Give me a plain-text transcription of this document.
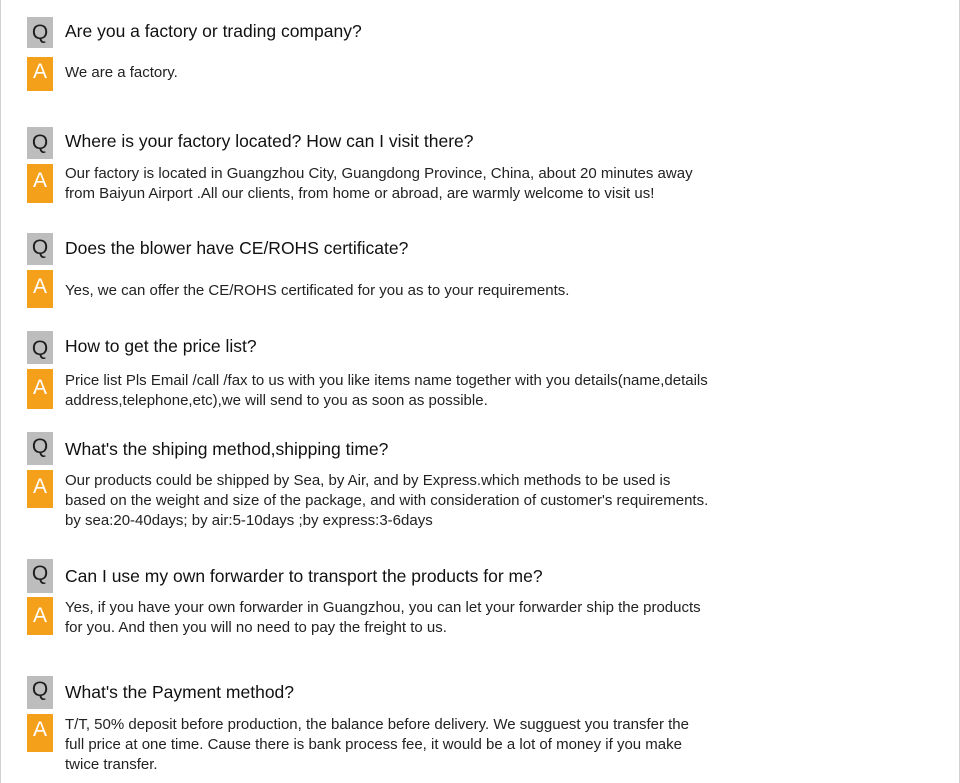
Q Are you a factory or trading company?
A	We are a factory.
Q Where is your factory located? How can I visit there?
A	Our factory is located in Guangzhou City, Guangdong Province, China, about 20 minutes away
from Baiyun Airport .All our clients, from home or abroad, are warmly welcome to visit us!
Q Does the blower have CE/ROHS certificate?
A	Yes, we can offer the CE/ROHS certificated for you as to your requirements.
Q How to get the price list?
A	Price list Pls Email /call /fax to us with you like items name together with you details(name,details
address,telephone,etc),we will send to you as soon as possible.
Q What's the shiping method,shipping time?
A	Our products could be shipped by Sea, by Air, and by Express.which methods to be used is
based on the weight and size of the package, and with consideration of customer's requirements.
by sea:20-40days; by air:5-10days ;by express:3-6days
Q Can I use my own forwarder to transport the products for me?
A	Yes, if you have your own forwarder in Guangzhou, you can let your forwarder ship the products
for you. And then you will no need to pay the freight to us.
Q What's the Payment method?
A	T/T, 50% deposit before production, the balance before delivery. We sugguest you transfer the
full price at one time. Cause there is bank process fee, it would be a lot of money if you make
twice transfer.
